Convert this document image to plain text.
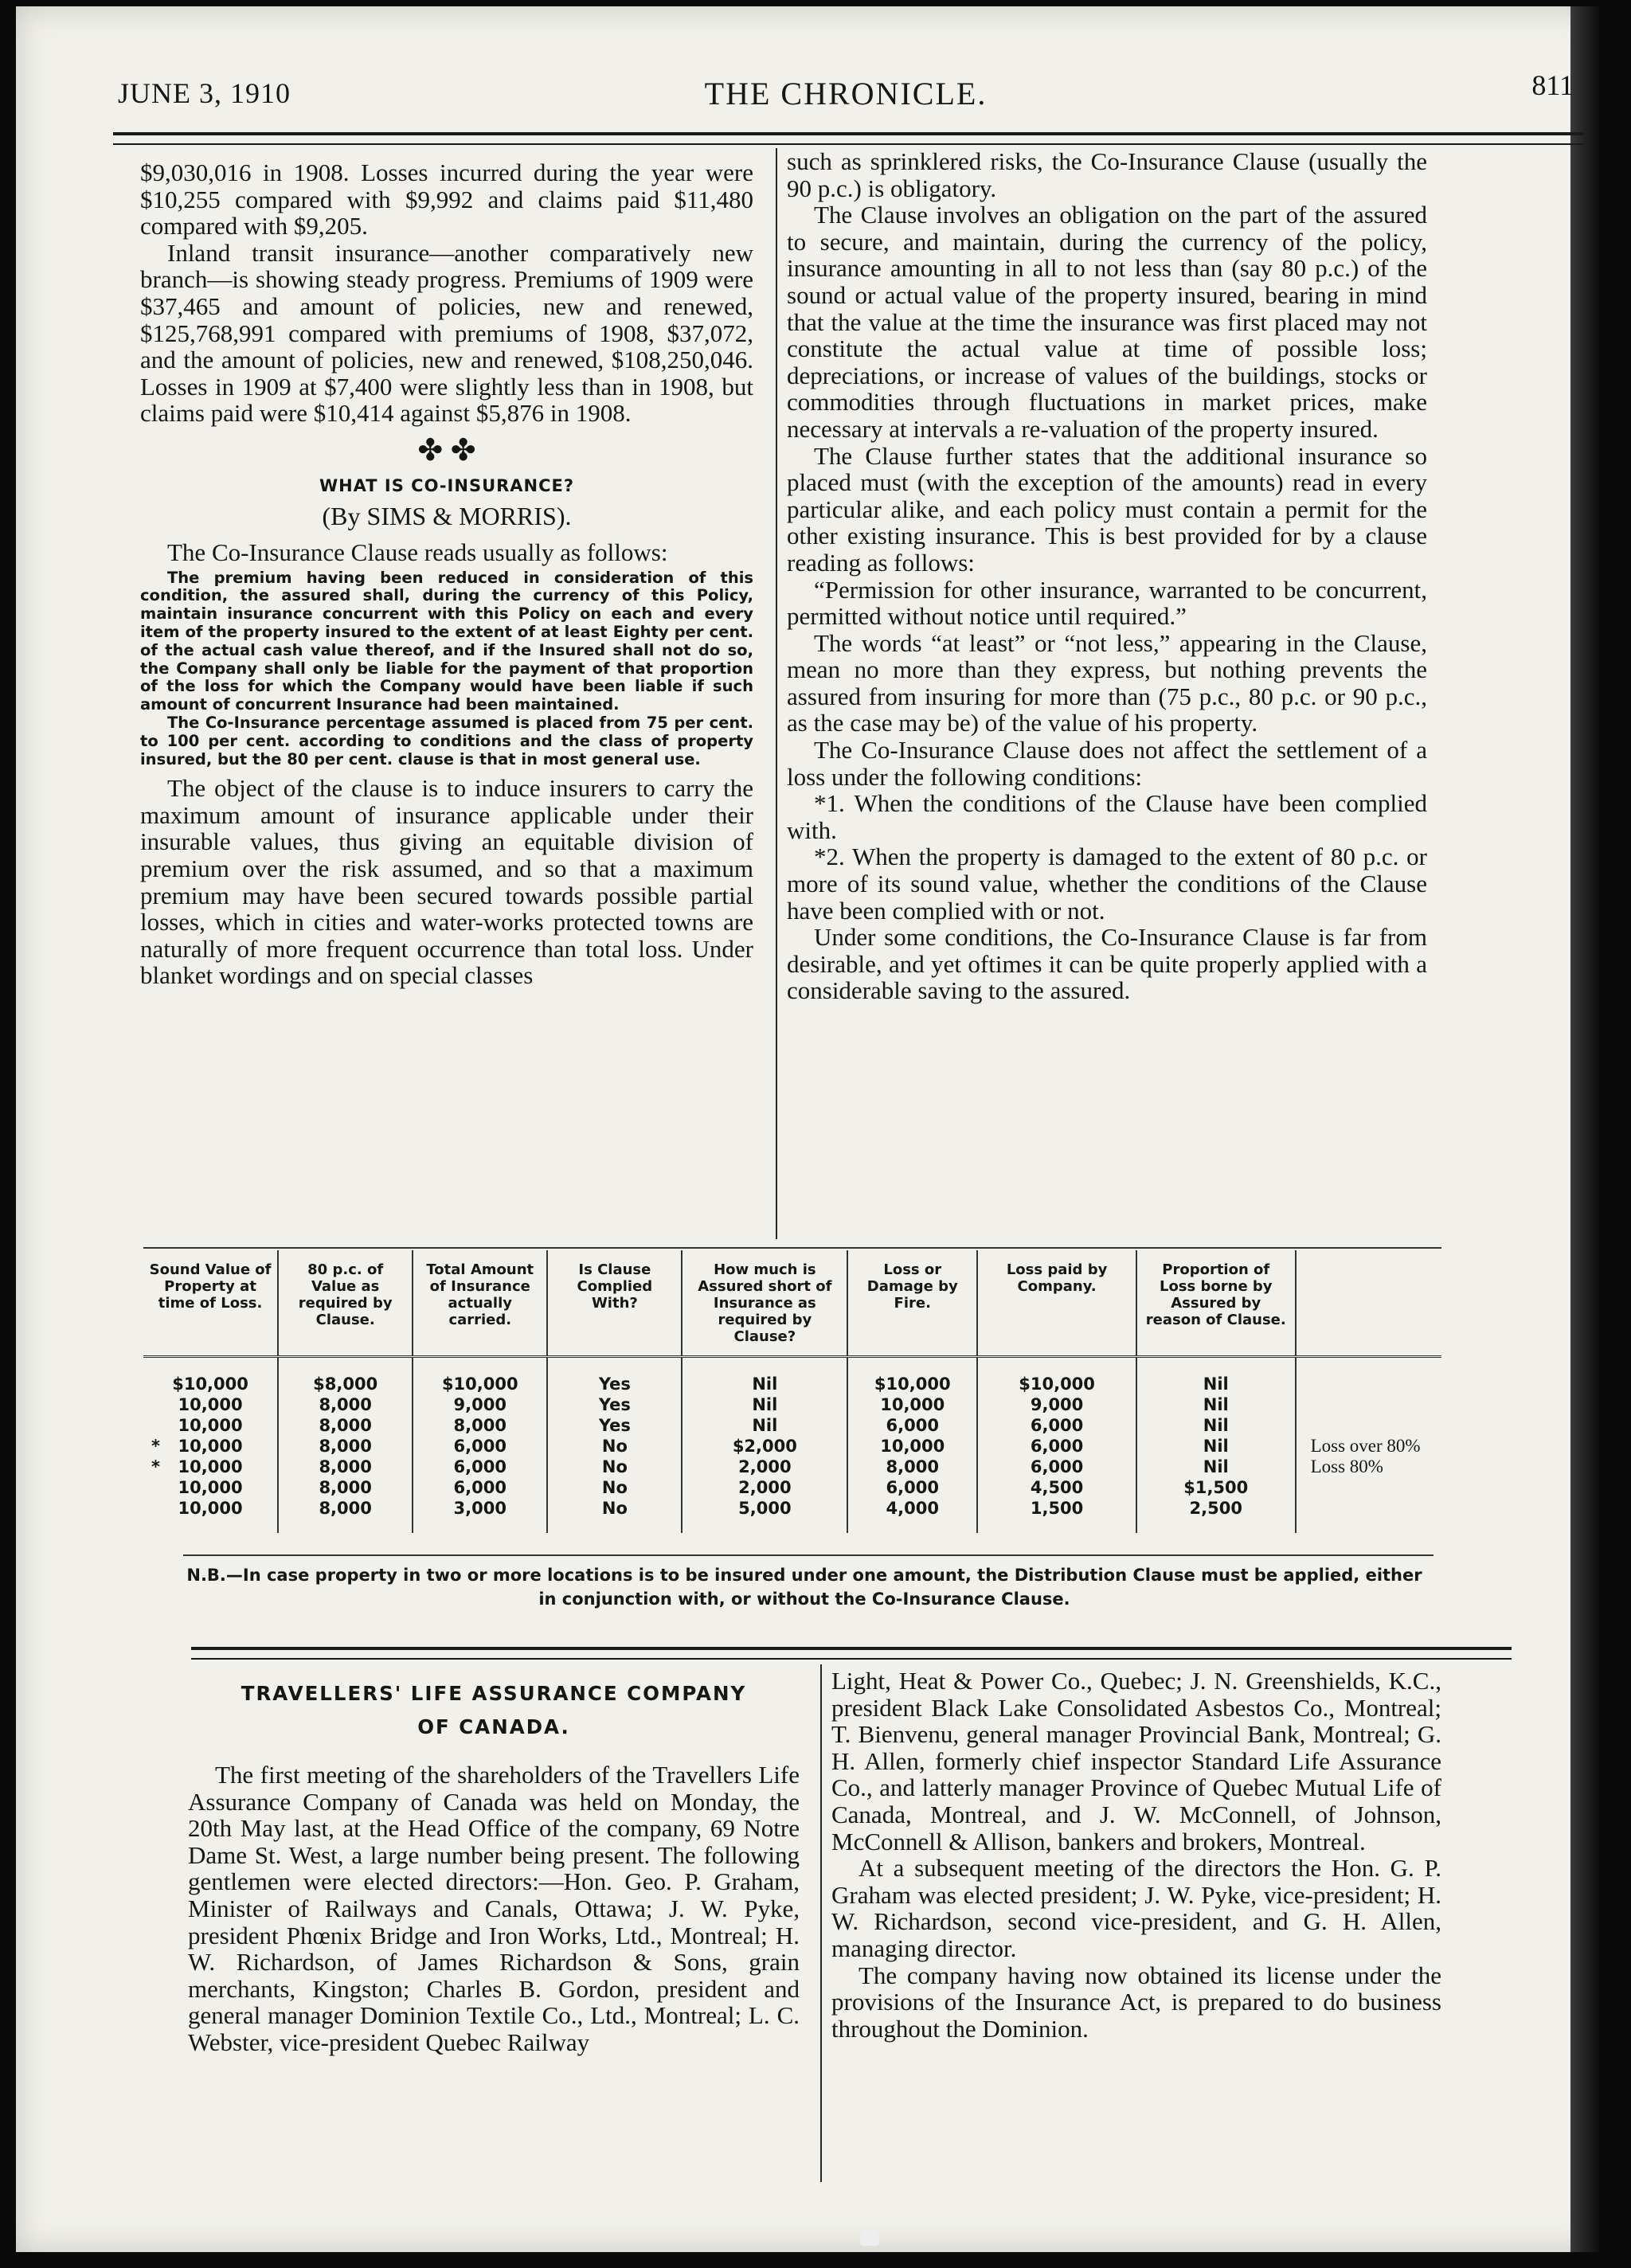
JUNE 3, 1910	THE CHRONICLE.	811

$9,030,016 in 1908. Losses incurred during the year were $10,255 compared with $9,992 and claims paid $11,480 compared with $9,205.

Inland transit insurance—another comparatively new branch—is showing steady progress. Premiums of 1909 were $37,465 and amount of policies, new and renewed, $125,768,991 compared with premiums of 1908, $37,072, and the amount of policies, new and renewed, $108,250,046. Losses in 1909 at $7,400 were slightly less than in 1908, but claims paid were $10,414 against $5,876 in 1908.

✤ ✤
WHAT IS CO-INSURANCE?
(By SIMS & MORRIS).

The Co-Insurance Clause reads usually as follows:

The premium having been reduced in consideration of this condition, the assured shall, during the currency of this Policy, maintain insurance concurrent with this Policy on each and every item of the property insured to the extent of at least Eighty per cent. of the actual cash value thereof, and if the Insured shall not do so, the Company shall only be liable for the payment of that proportion of the loss for which the Company would have been liable if such amount of concurrent Insurance had been maintained.

The Co-Insurance percentage assumed is placed from 75 per cent. to 100 per cent. according to conditions and the class of property insured, but the 80 per cent. clause is that in most general use.

The object of the clause is to induce insurers to carry the maximum amount of insurance applicable under their insurable values, thus giving an equitable division of premium over the risk assumed, and so that a maximum premium may have been secured towards possible partial losses, which in cities and water-works protected towns are naturally of more frequent occurrence than total loss. Under blanket wordings and on special classes

such as sprinklered risks, the Co-Insurance Clause (usually the 90 p.c.) is obligatory.

The Clause involves an obligation on the part of the assured to secure, and maintain, during the currency of the policy, insurance amounting in all to not less than (say 80 p.c.) of the sound or actual value of the property insured, bearing in mind that the value at the time the insurance was first placed may not constitute the actual value at time of possible loss; depreciations, or increase of values of the buildings, stocks or commodities through fluctuations in market prices, make necessary at intervals a re-valuation of the property insured.

The Clause further states that the additional insurance so placed must (with the exception of the amounts) read in every particular alike, and each policy must contain a permit for the other existing insurance. This is best provided for by a clause reading as follows:

“Permission for other insurance, warranted to be concurrent, permitted without notice until required.”

The words “at least” or “not less,” appearing in the Clause, mean no more than they express, but nothing prevents the assured from insuring for more than (75 p.c., 80 p.c. or 90 p.c., as the case may be) of the value of his property.

The Co-Insurance Clause does not affect the settlement of a loss under the following conditions:

*1. When the conditions of the Clause have been complied with.

*2. When the property is damaged to the extent of 80 p.c. or more of its sound value, whether the conditions of the Clause have been complied with or not.

Under some conditions, the Co-Insurance Clause is far from desirable, and yet oftimes it can be quite properly applied with a considerable saving to the assured.

Sound Value of Property at time of Loss.	80 p.c. of Value as required by Clause.	Total Amount of Insurance actually carried.	Is Clause Complied With?	How much is Assured short of Insurance as required by Clause?	Loss or Damage by Fire.	Loss paid by Company.	Proportion of Loss borne by Assured by reason of Clause.	
$10,000	$8,000	$10,000	Yes	Nil	$10,000	$10,000	Nil	
10,000	8,000	9,000	Yes	Nil	10,000	9,000	Nil	
10,000	8,000	8,000	Yes	Nil	6,000	6,000	Nil	

* 10,000	8,000	6,000	No	$2,000	10,000	6,000	Nil	Loss over 80%

* 10,000	8,000	6,000	No	2,000	8,000	6,000	Nil	Loss 80%
10,000	8,000	6,000	No	2,000	6,000	4,500	$1,500	
10,000	8,000	3,000	No	5,000	4,000	1,500	2,500	
N.B.—In case property in two or more locations is to be insured under one amount, the Distribution Clause must be applied, either in conjunction with, or without the Co-Insurance Clause.
TRAVELLERS' LIFE ASSURANCE COMPANY
OF CANADA.

The first meeting of the shareholders of the Travellers Life Assurance Company of Canada was held on Monday, the 20th May last, at the Head Office of the company, 69 Notre Dame St. West, a large number being present. The following gentlemen were elected directors:—Hon. Geo. P. Graham, Minister of Railways and Canals, Ottawa; J. W. Pyke, president Phœnix Bridge and Iron Works, Ltd., Montreal; H. W. Richardson, of James Richardson & Sons, grain merchants, Kingston; Charles B. Gordon, president and general manager Dominion Textile Co., Ltd., Montreal; L. C. Webster, vice-president Quebec Railway

Light, Heat & Power Co., Quebec; J. N. Greenshields, K.C., president Black Lake Consolidated Asbestos Co., Montreal; T. Bienvenu, general manager Provincial Bank, Montreal; G. H. Allen, formerly chief inspector Standard Life Assurance Co., and latterly manager Province of Quebec Mutual Life of Canada, Montreal, and J. W. McConnell, of Johnson, McConnell & Allison, bankers and brokers, Montreal.

At a subsequent meeting of the directors the Hon. G. P. Graham was elected president; J. W. Pyke, vice-president; H. W. Richardson, second vice-president, and G. H. Allen, managing director.

The company having now obtained its license under the provisions of the Insurance Act, is prepared to do business throughout the Dominion.
